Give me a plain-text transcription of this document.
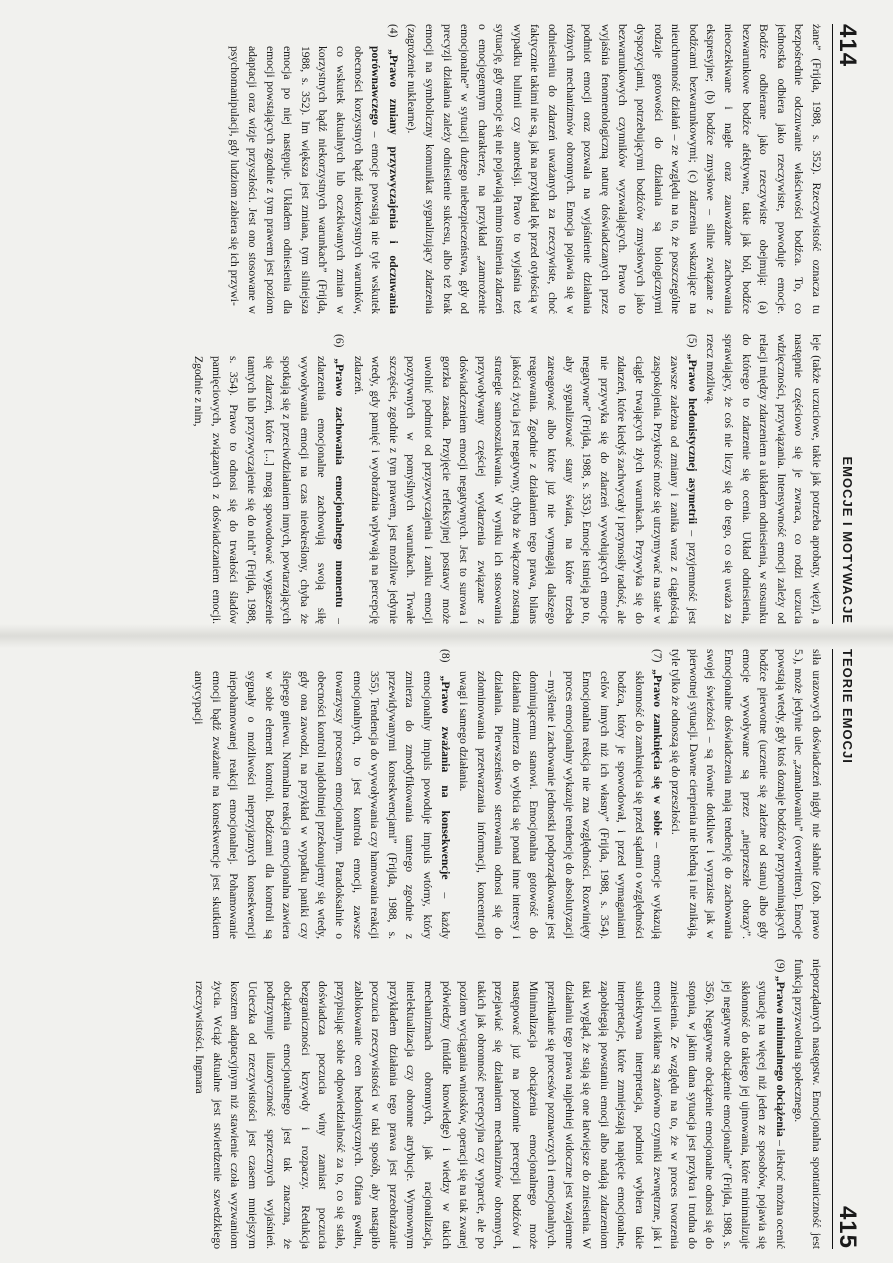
414
EMOCJE I MOTYWACJE

żane” (Frijda, 1988, s. 352). Rzeczywistość oznacza tu bezpośrednie odczuwanie właściwości bodźca. To, co jednostka odbiera jako rzeczywiste, powoduje emocje. Bodźce odbierane jako rzeczywiste obejmują: (a) bezwarunkowe bodźce afektywne, takie jak ból, bodźce nieoczekiwane i nagłe oraz zauważane zachowania ekspresyjne; (b) bodźce zmysłowe – silnie związane z bodźcami bezwarunkowymi; (c) zdarzenia wskazujące na nieuchronność działań – ze względu na to, że poszczególne rodzaje gotowości do działania są biologicznymi dyspozycjami, potrzebującymi bodźców zmysłowych jako bezwarunkowych czynników wyzwalających. Prawo to wyjaśnia fenomenologiczną naturę doświadczanych przez podmiot emocji oraz pozwala na wyjaśnienie działania różnych mechanizmów obronnych. Emocja pojawia się w odniesieniu do zdarzeń uważanych za rzeczywiste, choć faktycznie takimi nie są, jak na przykład lęk przed otyłością w wypadku bulimii czy anoreksji. Prawo to wyjaśnia też sytuację, gdy emocje się nie pojawiają mimo istnienia zdarzeń o emocjogennym charakterze, na przykład „zamrożenie emocjonalne” w sytuacji dużego niebezpieczeństwa, gdy od precyzji działania zależy odniesienie sukcesu, albo też brak emocji na symboliczny komunikat sygnalizujący zdarzenia (zagrożenie nuklearne).

(4) „Prawo zmiany przyzwyczajenia i odczuwania porównawczego – emocje powstają nie tyle wskutek obecności korzystnych bądź niekorzystnych warunków, co wskutek aktualnych lub oczekiwanych zmian w korzystnych bądź niekorzystnych warunkach” (Frijda, 1988, s. 352). Im większa jest zmiana, tym silniejsza emocja po niej następuje. Układem odniesienia dla emocji powstających zgodnie z tym prawem jest poziom adaptacji oraz wizje przyszłości. Jest ono stosowane w psychomanipulacji, gdy ludziom zabiera się ich przywi-

leje (także uczuciowe, takie jak potrzeba aprobaty, więzi), a następnie częściowo się je zwraca, co rodzi uczucia wdzięczności, przywiązania. Intensywność emocji zależy od relacji między zdarzeniem a układem odniesienia, w stosunku do którego to zdarzenie się ocenia. Układ odniesienia, sprawiający, że coś nie liczy się do tego, co się uważa za rzecz możliwą.

(5) „Prawo hedonistycznej asymetrii – przyjemność jest zawsze zależna od zmiany i zanika wraz z ciągłością zaspokojenia. Przykrość może się utrzymywać na stałe w ciągle trwających złych warunkach. Przywyka się do zdarzeń, które kiedyś zachwycały i przynosiły radość, ale nie przywyka się do zdarzeń wywołujących emocje negatywne” (Frijda, 1988, s. 353). Emocje istnieją po to, aby sygnalizować stany świata, na które trzeba zareagować albo które już nie wymagają dalszego reagowania. Zgodnie z działaniem tego prawa, bilans jakości życia jest negatywny, chyba że włączone zostaną strategie samooszukiwania. W wyniku ich stosowania przywoływany częściej wydarzenia związane z doświadczeniem emocji negatywnych. Jest to surowa i gorzka zasada. Przyjęcie refleksyjnej postawy może uwolnić podmiot od przyzwyczajenia i zaniku emocji pozytywnych w pomyślnych warunkach. Trwałe szczęście, zgodnie z tym prawem, jest możliwe jedynie wtedy, gdy pamięć i wyobraźnia wpływają na percepcję zdarzeń.

(6) „Prawo zachowania emocjonalnego momentu – zdarzenia emocjonalne zachowują swoją siłę wywoływania emocji na czas nieokreślony, chyba że spotkają się z przeciwdziałaniem innych, powtarzających się zdarzeń, które [...] mogą spowodować wygaszenie tamtych lub przyzwyczajenie się do nich” (Frijda, 1988, s. 354). Prawo to odnosi się do trwałości śladów pamięciowych, związanych z doświadczaniem emocji. Zgodnie z nim,

TEORIE EMOCJI
415

siła urazowych doświadczeń nigdy nie słabnie (zob. prawo 5.), może jedynie ulec „zamalowaniu” (overwritten). Emocje powstają wtedy, gdy ktoś doznaje bodźców przypominających bodźce pierwotne (uczenie się zależne od stanu) albo gdy emocje wywoływane są przez „nieprzeszłe obrazy”. Emocjonalne doświadczenia mają tendencję do zachowania swojej świeżości – są równie dotkliwe i wyraziste jak w pierwotnej sytuacji. Dawne cierpienia nie bledną i nie znikają, tyle tylko że odnoszą się do przeszłości.

(7) „Prawo zamknięcia się w sobie – emocje wykazują skłonność do zamknięcia się przed sądami o względności bodźca, który je spowodował, i przed wymaganiami celów innych niż ich własny” (Frijda, 1988, s. 354). Emocjonalna reakcja nie zna względności. Rozwinięty proces emocjonalny wykazuje tendencję do absolutyzacji – myślenie i zachowanie jednostki podporządkowane jest dominującemu stanowi. Emocjonalna gotowość do działania zmierza do wybicia się ponad inne interesy i działania. Pierwszeństwo sterowania odnosi się do zdominowania przetwarzania informacji, koncentracji uwagi i samego działania.

(8) „Prawo zważania na konsekwencje – każdy emocjonalny impuls powoduje impuls wtórny, który zmierza do zmodyfikowania tamtego zgodnie z przewidywanymi konsekwencjami” (Frijda, 1988, s. 355). Tendencja do wywoływania czy hamowania reakcji emocjonalnych, to jest kontrola emocji, zawsze towarzyszy procesom emocjonalnym. Paradoksalnie o obecności kontroli najdobitniej przekonujemy się wtedy, gdy ona zawodzi, na przykład w wypadku paniki czy ślepego gniewu. Normalna reakcja emocjonalna zawiera w sobie element kontroli. Bodźcami dla kontroli są sygnały o możliwości nieprzyjaznych konsekwencji niepohamowanej reakcji emocjonalnej. Pohamowanie emocji bądź zważanie na konsekwencje jest skutkiem antycypacji

nieporządanych następstw. Emocjonalna spontaniczność jest funkcją przyzwolenia społecznego.

(9) „Prawo minimalnego obciążenia – ilekroć można ocenić sytuację na więcej niż jeden ze sposobów, pojawia się skłonność do takiego jej ujmowania, które minimalizuje jej negatywne obciążenie emocjonalne” (Frijda, 1988, s. 356). Negatywne obciążenie emocjonalne odnosi się do stopnia, w jakim dana sytuacja jest przykra i trudna do zniesienia. Ze względu na to, że w proces tworzenia emocji uwikłane są zarówno czynniki zewnętrzne, jak i subiektywna interpretacja, podmiot wybiera takie interpretacje, które zmniejszają napięcie emocjonalne, zapobiegają powstaniu emocji albo nadają zdarzeniom taki wygląd, że stają się one łatwiejsze do zniesienia. W działaniu tego prawa najpełniej widoczne jest wzajemne przenikanie się procesów poznawczych i emocjonalnych. Minimalizacja obciążenia emocjonalnego może następować już na poziomie percepcji bodźców i przejawiać się działaniem mechanizmów obronnych, takich jak obronność percepcyjna czy wyparcie, ale po poziom wyciągania wniosków, operacji się na tak zwanej półwiedzy (middle knowledge) i wiedzy w takich mechanizmach obronnych, jak racjonalizacja, intelektualizacja czy obronne atrybucje. Wymownym przykładem działania tego prawa jest przeobrażanie poczucia rzeczywistości w taki sposób, aby nastąpiło zablokowanie ocen hedonistycznych. Ofiara gwałtu, przypisując sobie odpowiedzialność za to, co się stało, doświadcza poczucia winy zamiast poczucia bezgraniczności krzywdy i rozpaczy. Redukcja obciążenia emocjonalnego jest tak znaczna, że podtrzymuje iluzoryczność sprzecznych wyjaśnień. Ucieczka od rzeczywistości jest czasem mniejszym kosztem adaptacyjnym niż stawienie czoła wyzwaniom życia. Wciąż aktualne jest stwierdzenie szwedzkiego rzeczywistości. Ingmara
